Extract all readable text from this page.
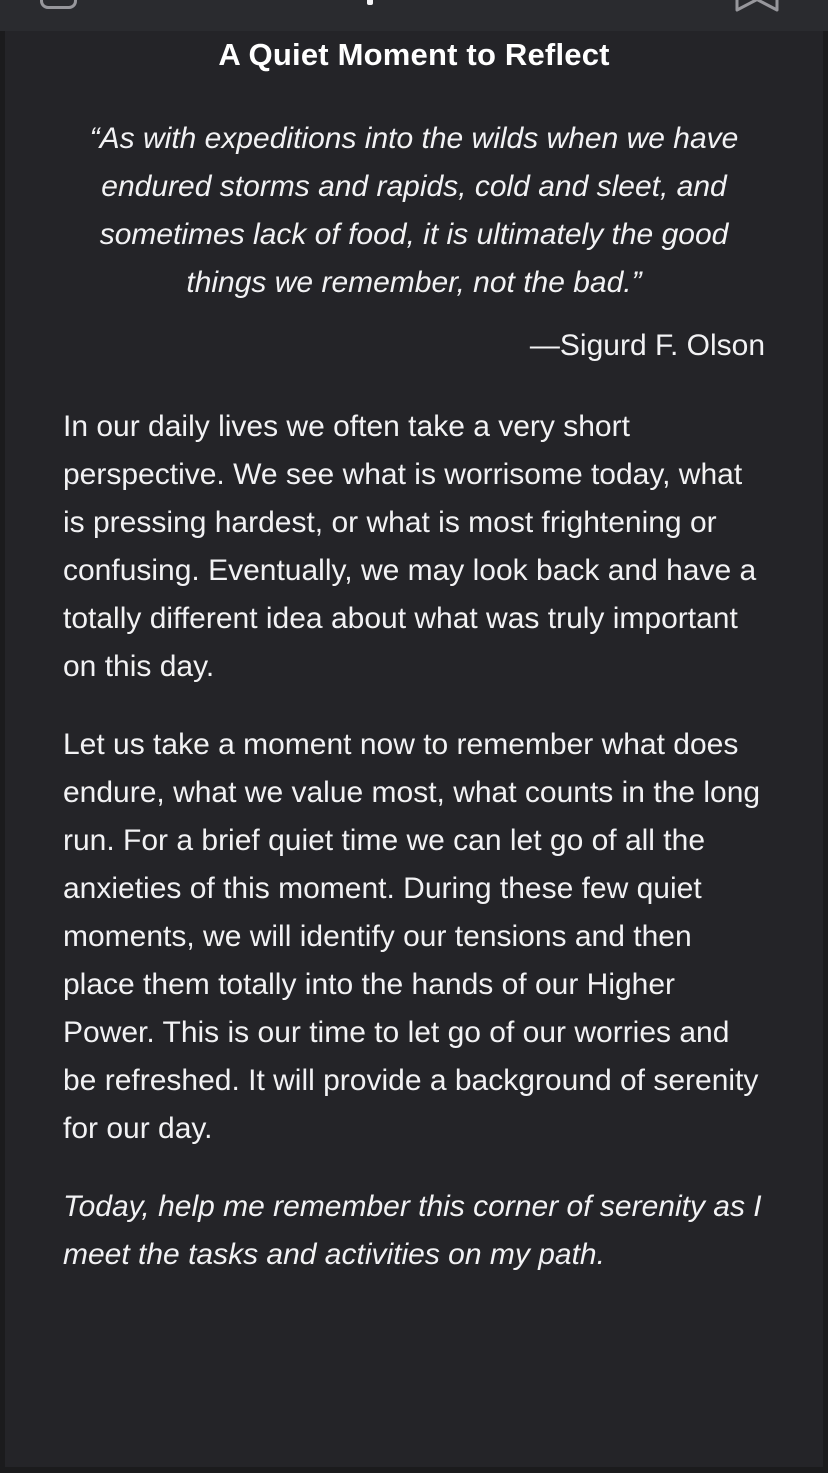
A Quiet Moment to Reflect

“As with expeditions into the wilds when we have endured storms and rapids, cold and sleet, and sometimes lack of food, it is ultimately the good things we remember, not the bad.”

—Sigurd F. Olson

In our daily lives we often take a very short perspective. We see what is worrisome today, what is pressing hardest, or what is most frightening or confusing. Eventually, we may look back and have a totally different idea about what was truly important on this day.

Let us take a moment now to remember what does endure, what we value most, what counts in the long run. For a brief quiet time we can let go of all the anxieties of this moment. During these few quiet moments, we will identify our tensions and then place them totally into the hands of our Higher Power. This is our time to let go of our worries and be refreshed. It will provide a background of serenity for our day.

Today, help me remember this corner of serenity as I meet the tasks and activities on my path.
